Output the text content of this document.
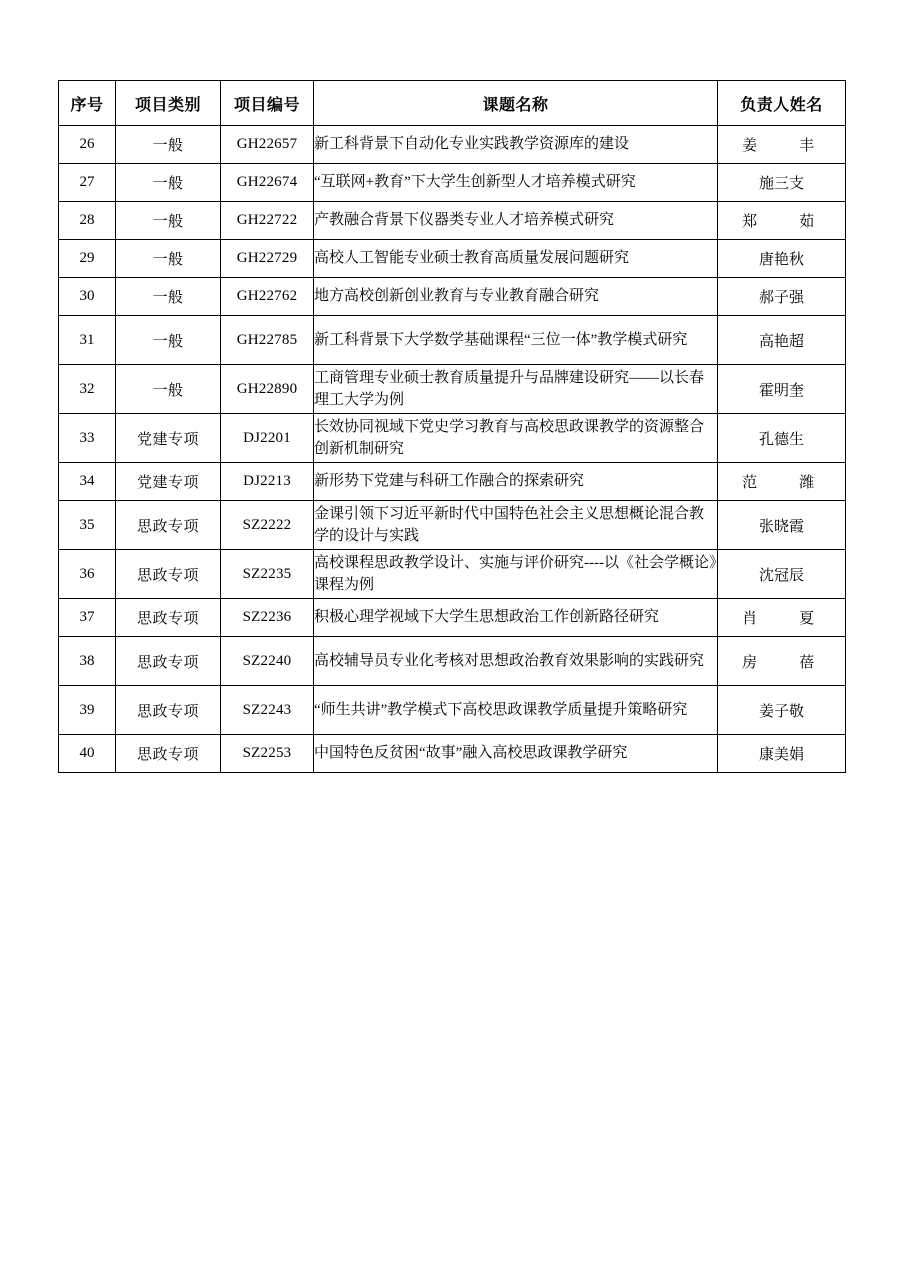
序号	项目类别	项目编号	课题名称	负责人姓名
26	一般	GH22657	新工科背景下自动化专业实践教学资源库的建设	姜　丰
27	一般	GH22674	“互联网+教育”下大学生创新型人才培养模式研究	施三支
28	一般	GH22722	产教融合背景下仪器类专业人才培养模式研究	郑　茹
29	一般	GH22729	高校人工智能专业硕士教育高质量发展问题研究	唐艳秋
30	一般	GH22762	地方高校创新创业教育与专业教育融合研究	郝子强
31	一般	GH22785	新工科背景下大学数学基础课程“三位一体”教学模式研究	高艳超
32	一般	GH22890	工商管理专业硕士教育质量提升与品牌建设研究——以长春理工大学为例	霍明奎
33	党建专项	DJ2201	长效协同视域下党史学习教育与高校思政课教学的资源整合创新机制研究	孔德生
34	党建专项	DJ2213	新形势下党建与科研工作融合的探索研究	范　潍
35	思政专项	SZ2222	金课引领下习近平新时代中国特色社会主义思想概论混合教学的设计与实践	张晓霞
36	思政专项	SZ2235	高校课程思政教学设计、实施与评价研究----以《社会学概论》课程为例	沈冠辰
37	思政专项	SZ2236	积极心理学视域下大学生思想政治工作创新路径研究	肖　夏
38	思政专项	SZ2240	高校辅导员专业化考核对思想政治教育效果影响的实践研究	房　蓓
39	思政专项	SZ2243	“师生共讲”教学模式下高校思政课教学质量提升策略研究	姜子敬
40	思政专项	SZ2253	中国特色反贫困“故事”融入高校思政课教学研究	康美娟
